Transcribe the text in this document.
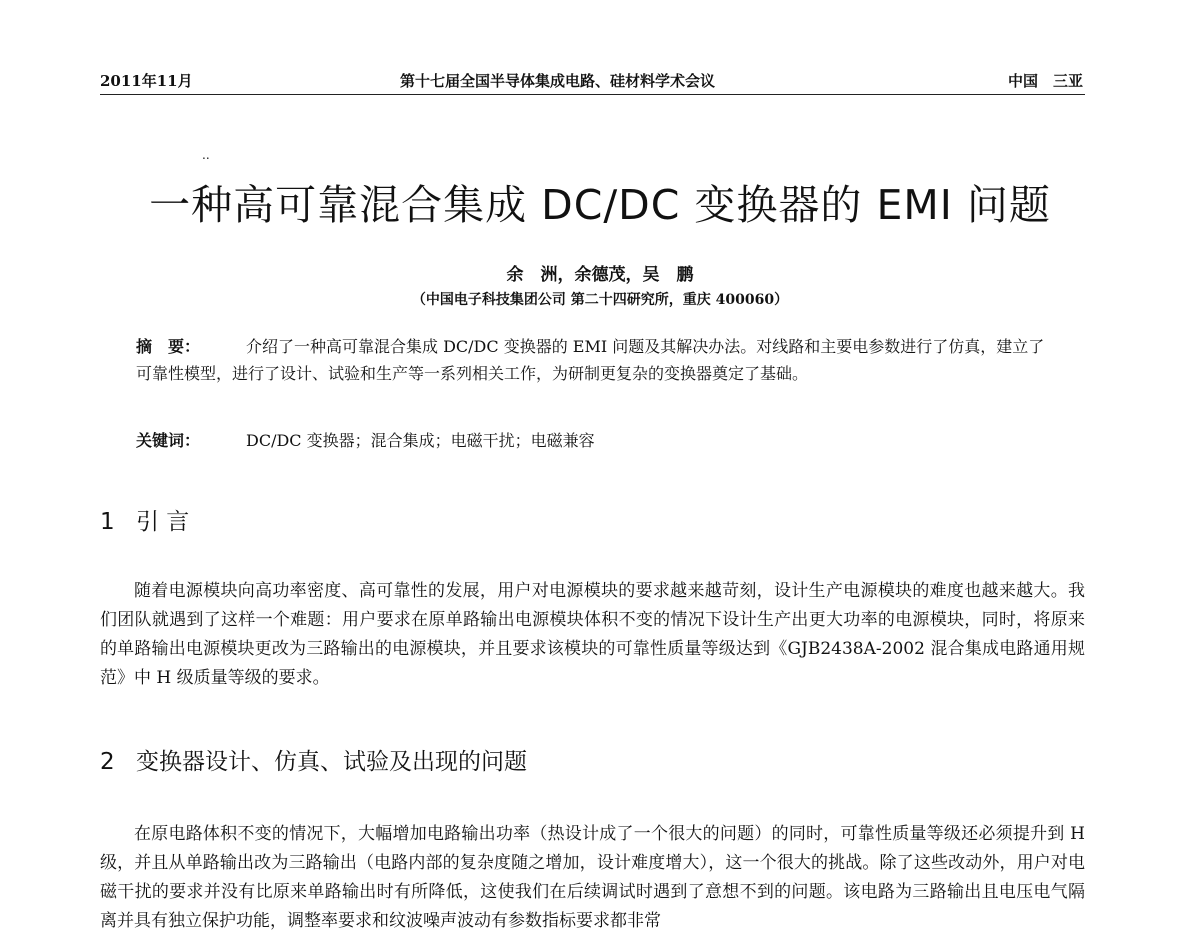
2011年11月	第十七届全国半导体集成电路、硅材料学术会议	中国　三亚
..
一种高可靠混合集成 DC/DC 变换器的 EMI 问题
余　洲，余德茂，吴　鹏
（中国电子科技集团公司 第二十四研究所，重庆 400060）
摘　要：	介绍了一种高可靠混合集成 DC/DC 变换器的 EMI 问题及其解决办法。对线路和主要电参数进行了仿真，建立了可靠性模型，进行了设计、试验和生产等一系列相关工作，为研制更复杂的变换器奠定了基础。
关键词：	DC/DC 变换器；混合集成；电磁干扰；电磁兼容
1 引 言

随着电源模块向高功率密度、高可靠性的发展，用户对电源模块的要求越来越苛刻，设计生产电源模块的难度也越来越大。我们团队就遇到了这样一个难题：用户要求在原单路输出电源模块体积不变的情况下设计生产出更大功率的电源模块，同时，将原来的单路输出电源模块更改为三路输出的电源模块，并且要求该模块的可靠性质量等级达到《GJB2438A-2002 混合集成电路通用规范》中 H 级质量等级的要求。

2 变换器设计、仿真、试验及出现的问题

在原电路体积不变的情况下，大幅增加电路输出功率（热设计成了一个很大的问题）的同时，可靠性质量等级还必须提升到 H 级，并且从单路输出改为三路输出（电路内部的复杂度随之增加，设计难度增大），这一个很大的挑战。除了这些改动外，用户对电磁干扰的要求并没有比原来单路输出时有所降低，这使我们在后续调试时遇到了意想不到的问题。该电路为三路输出且电压电气隔离并具有独立保护功能，调整率要求和纹波噪声波动有参数指标要求都非常
